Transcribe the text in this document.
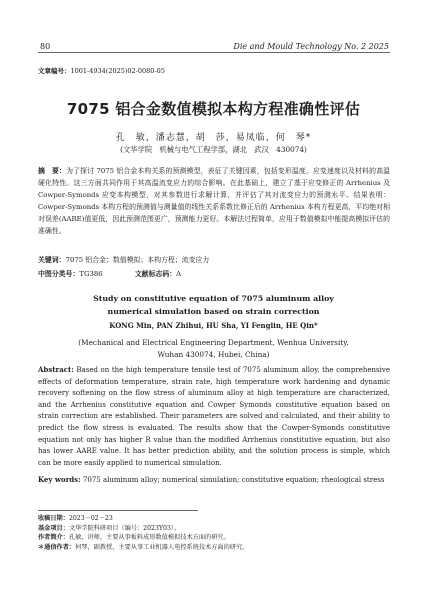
80	Die and Mould Technology No. 2 2025
文章编号：1001-4934(2025)02-0080-05
7075 铝合金数值模拟本构方程准确性评估
孔　敏，潘志慧，胡　莎，易凤临，何　琴*
(文华学院　机械与电气工程学部，湖北　武汉　430074)
摘　要：为了探讨 7075 铝合金本构关系的预测模型，表征了关键因素，包括变形温度、应变速度以及材料的高温硬化特性。这三方面共同作用于其高温流变应力的综合影响。在此基础上，建立了基于应变修正的 Arrhenius 及 Cowper-Symonds 应变本构模型，对其参数进行求解计算，并评估了其对流变应力的预测水平。结果表明：Cowper-Symonds 本构方程的预测值与测量值的线性关系系数比修正后的 Arrhenius 本构方程更高，平均绝对相对误差(AARE)值更低，因此预测范围更广，预测能力更好。本解法过程简单，应用于数值模拟中能提高模拟评估的准确性。
关键词：7075 铝合金；数值模拟；本构方程；流变应力
中图分类号：TG386	文献标志码：A
Study on constitutive equation of 7075 aluminum alloy
numerical simulation based on strain correction
KONG Min, PAN Zhihui, HU Sha, YI Fenglin, HE Qin*
(Mechanical and Electrical Engineering Department, Wenhua University,
Wuhan 430074, Hubei, China)
Abstract: Based on the high temperature tensile test of 7075 aluminum alloy, the comprehensive effects of deformation temperature, strain rate, high temperature work hardening and dynamic recovery softening on the flow stress of aluminum alloy at high temperature are characterized, and the Arrhenius constitutive equation and Cowper Symonds constitutive equation based on strain correction are established. Their parameters are solved and calculated, and their ability to predict the flow stress is evaluated. The results show that the Cowper-Symonds constitutive equation not only has higher R value than the modified Arrhenius constitutive equation, but also has lower AARE value. It has better prediction ability, and the solution process is simple, which can be more easily applied to numerical simulation.
Key words: 7075 aluminum alloy; numerical simulation; constitutive equation; rheological stress
收稿日期：2023－02－23
基金项目：文华学院科研项目（编号：2023Y03）。
作者简介：孔敏，讲师，主要从事板料成形数值模拟技术方面的研究。
＊通信作者：何琴，副教授，主要从事工业机器人电控系统技术方面的研究。
